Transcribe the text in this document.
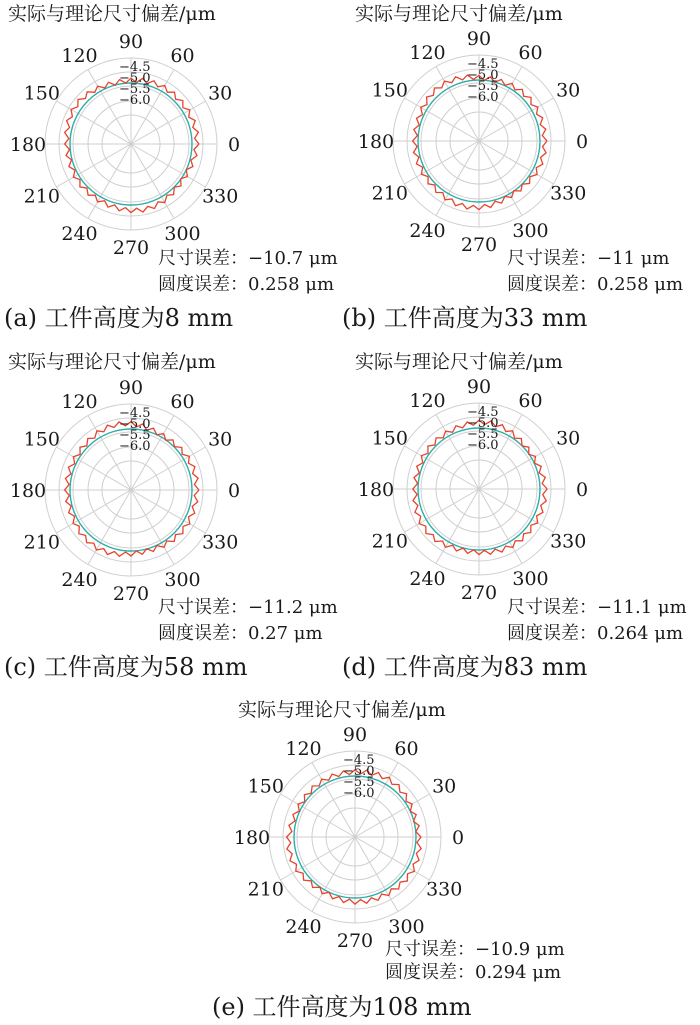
实际与理论尺寸偏差/μm
0
30
60
90
120
150
180
210
240
270
300
330
−4.5
−5.0
−5.5
−6.0
尺寸误差：−10.7 μm
圆度误差：0.258 μm
(a) 工件高度为8 mm
实际与理论尺寸偏差/μm
0
30
60
90
120
150
180
210
240
270
300
330
−4.5
−5.0
−5.5
−6.0
尺寸误差：−11 μm
圆度误差：0.258 μm
(b) 工件高度为33 mm
实际与理论尺寸偏差/μm
0
30
60
90
120
150
180
210
240
270
300
330
−4.5
−5.0
−5.5
−6.0
尺寸误差：−11.2 μm
圆度误差：0.27 μm
(c) 工件高度为58 mm
实际与理论尺寸偏差/μm
0
30
60
90
120
150
180
210
240
270
300
330
−4.5
−5.0
−5.5
−6.0
尺寸误差：−11.1 μm
圆度误差：0.264 μm
(d) 工件高度为83 mm
实际与理论尺寸偏差/μm
0
30
60
90
120
150
180
210
240
270
300
330
−4.5
−5.0
−5.5
−6.0
尺寸误差：−10.9 μm
圆度误差：0.294 μm
(e) 工件高度为108 mm
